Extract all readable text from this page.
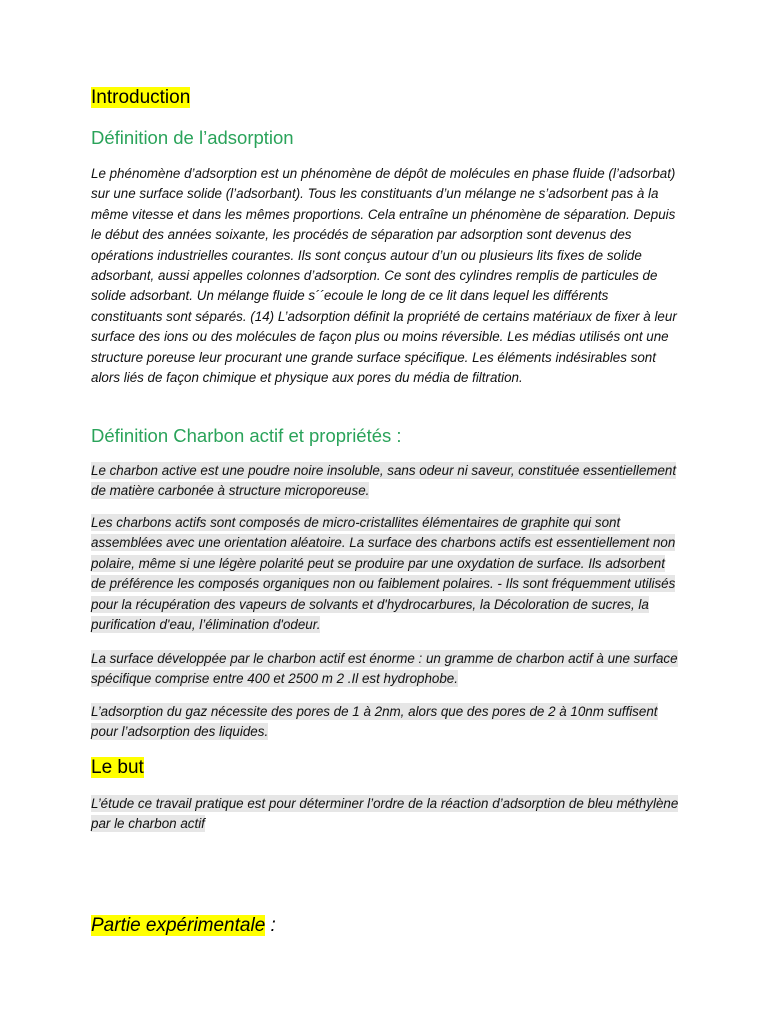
Introduction
Définition de l’adsorption

Le phénomène d’adsorption est un phénomène de dépôt de molécules en phase fluide (l’adsorbat) sur une surface solide (l’adsorbant). Tous les constituants d’un mélange ne s’adsorbent pas à la même vitesse et dans les mêmes proportions. Cela entraîne un phénomène de séparation. Depuis le début des années soixante, les procédés de séparation par adsorption sont devenus des opérations industrielles courantes. Ils sont conçus autour d’un ou plusieurs lits fixes de solide adsorbant, aussi appelles colonnes d’adsorption. Ce sont des cylindres remplis de particules de solide adsorbant. Un mélange fluide s´´ecoule le long de ce lit dans lequel les différents constituants sont séparés. (14) L’adsorption définit la propriété de certains matériaux de fixer à leur surface des ions ou des molécules de façon plus ou moins réversible. Les médias utilisés ont une structure poreuse leur procurant une grande surface spécifique. Les éléments indésirables sont alors liés de façon chimique et physique aux pores du média de filtration.

Définition Charbon actif et propriétés :

Le charbon active est une poudre noire insoluble, sans odeur ni saveur, constituée essentiellement de matière carbonée à structure microporeuse.

Les charbons actifs sont composés de micro-cristallites élémentaires de graphite qui sont assemblées avec une orientation aléatoire. La surface des charbons actifs est essentiellement non polaire, même si une légère polarité peut se produire par une oxydation de surface. Ils adsorbent de préférence les composés organiques non ou faiblement polaires. - Ils sont fréquemment utilisés pour la récupération des vapeurs de solvants et d'hydrocarbures, la Décoloration de sucres, la purification d'eau, l’élimination d'odeur.

La surface développée par le charbon actif est énorme : un gramme de charbon actif à une surface spécifique comprise entre 400 et 2500 m 2 .Il est hydrophobe.

L’adsorption du gaz nécessite des pores de 1 à 2nm, alors que des pores de 2 à 10nm suffisent pour l’adsorption des liquides.

Le but

L’étude ce travail pratique est pour déterminer l’ordre de la réaction d’adsorption de bleu méthylène par le charbon actif

Partie expérimentale :
